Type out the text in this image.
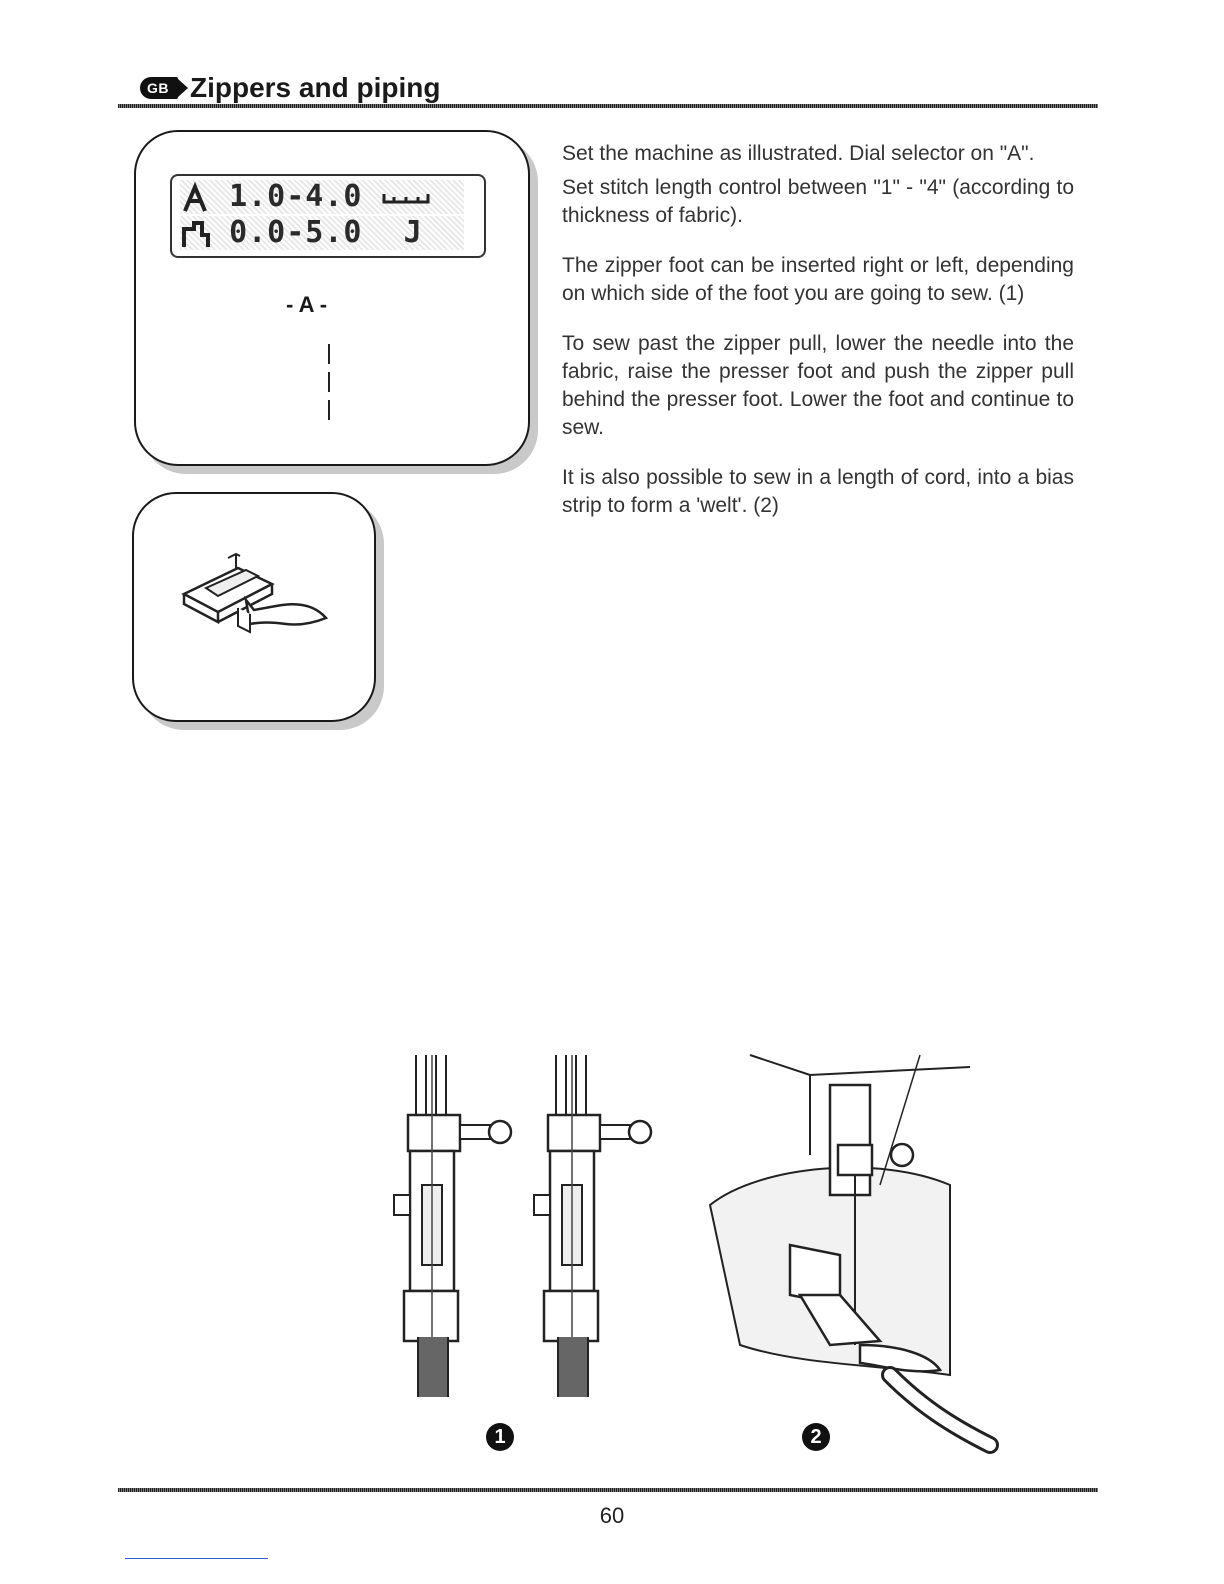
GB Zippers and piping
1.0-4.0
0.0-5.0 J
- A -

Set the machine as illustrated. Dial selector on "A".

Set stitch length control between "1" - "4" (according to thickness of fabric).

The zipper foot can be inserted right or left, depending on which side of the foot you are going to sew. (1)

To sew past the zipper pull, lower the needle into the fabric, raise the presser foot and push the zipper pull behind the presser foot. Lower the foot and continue to sew.

It is also possible to sew in a length of cord, into a bias strip to form a 'welt'. (2)

1	2
60
